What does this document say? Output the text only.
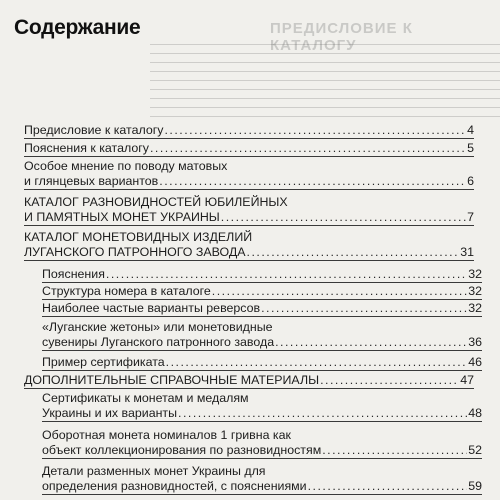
ПРЕДИСЛОВИЕ К КАТАЛОГУ
Содержание
Предисловие к каталогу .....	4
Пояснения к каталогу .....	5
Особое мнение по поводу матовых
и глянцевых вариантов .....	6
КАТАЛОГ РАЗНОВИДНОСТЕЙ ЮБИЛЕЙНЫХ
И ПАМЯТНЫХ МОНЕТ УКРАИНЫ .....	7
КАТАЛОГ МОНЕТОВИДНЫХ ИЗДЕЛИЙ
ЛУГАНСКОГО ПАТРОННОГО ЗАВОДА .....	31
Пояснения .....	32
Структура номера в каталоге .....	32
Наиболее частые варианты реверсов .....	32
«Луганские жетоны» или монетовидные
сувениры Луганского патронного завода .....	36
Пример сертификата .....	46
ДОПОЛНИТЕЛЬНЫЕ СПРАВОЧНЫЕ МАТЕРИАЛЫ .....	47
Сертификаты к монетам и медалям
Украины и их варианты .....	48
Оборотная монета номиналов 1 гривна как
объект коллекционирования по разновидностям .....	52
Детали разменных монет Украины для
определения разновидностей, с пояснениями .....	59
